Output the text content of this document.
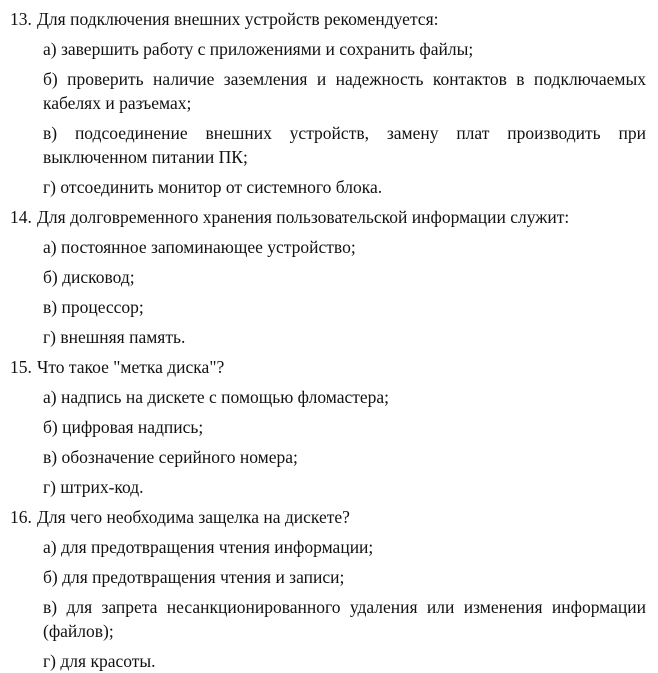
13. Для подключения внешних устройств рекомендуется:
а) завершить работу с приложениями и сохранить файлы;
б) проверить наличие заземления и надежность контактов в подключаемых кабелях и разъемах;
в) подсоединение внешних устройств, замену плат производить при выключенном питании ПК;
г) отсоединить монитор от системного блока.
14. Для долговременного хранения пользовательской информации служит:
а) постоянное запоминающее устройство;
б) дисковод;
в) процессор;
г) внешняя память.
15. Что такое "метка диска"?
а) надпись на дискете с помощью фломастера;
б) цифровая надпись;
в) обозначение серийного номера;
г) штрих-код.
16. Для чего необходима защелка на дискете?
а) для предотвращения чтения информации;
б) для предотвращения чтения и записи;
в) для запрета несанкционированного удаления или изменения информации (файлов);
г) для красоты.
